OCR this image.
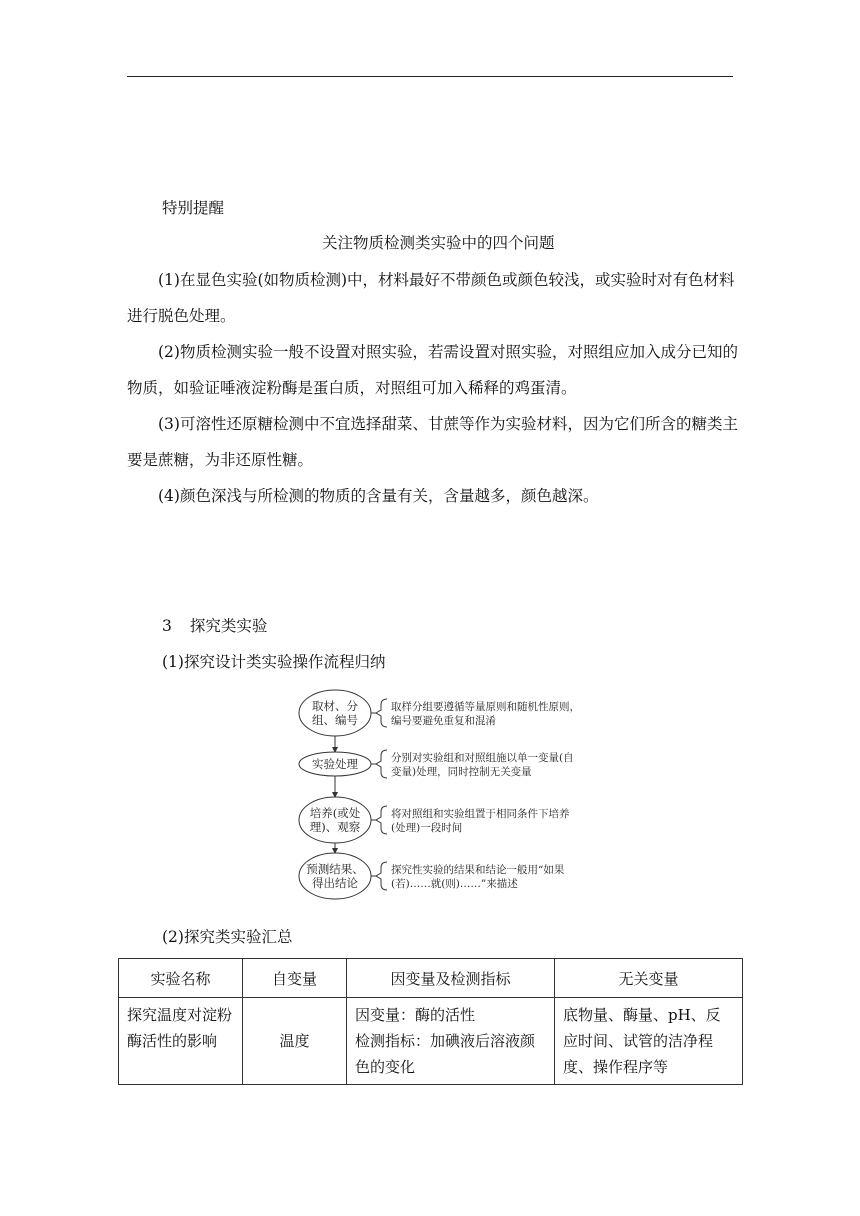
特别提醒
关注物质检测类实验中的四个问题
(1)在显色实验(如物质检测)中，材料最好不带颜色或颜色较浅，或实验时对有色材料进行脱色处理。
(2)物质检测实验一般不设置对照实验，若需设置对照实验，对照组应加入成分已知的物质，如验证唾液淀粉酶是蛋白质，对照组可加入稀释的鸡蛋清。
(3)可溶性还原糖检测中不宜选择甜菜、甘蔗等作为实验材料，因为它们所含的糖类主要是蔗糖，为非还原性糖。
(4)颜色深浅与所检测的物质的含量有关，含量越多，颜色越深。
3 探究类实验
(1)探究设计类实验操作流程归纳
取材、分
组、编号
取样分组要遵循等量原则和随机性原则，
编号要避免重复和混淆
实验处理	分别对实验组和对照组施以单一变量(自
变量)处理，同时控制无关变量
培养(或处
理)、观察
将对照组和实验组置于相同条件下培养
(处理)一段时间
预测结果、
得出结论
探究性实验的结果和结论一般用“如果
(若)……就(则)……”来描述
(2)探究类实验汇总
实验名称	自变量	因变量及检测指标	无关变量
探究温度对淀粉酶活性的影响	温度	因变量：酶的活性
检测指标：加碘液后溶液颜色的变化	底物量、酶量、pH、反应时间、试管的洁净程度、操作程序等
